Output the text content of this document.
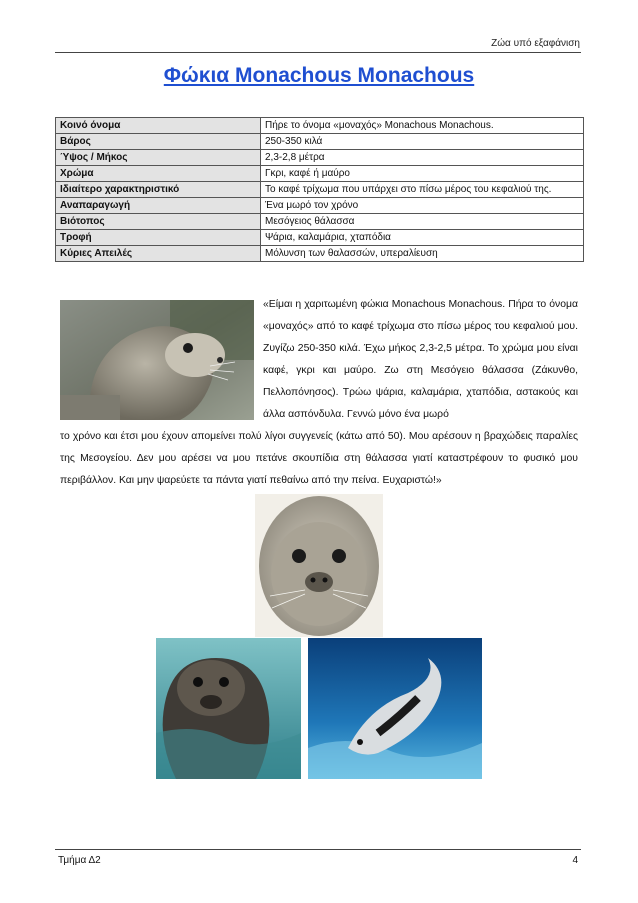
Ζώα υπό εξαφάνιση
Φώκια Monachous Monachous
Κοινό όνομα	Πήρε το όνομα «μοναχός» Monachous Monachous.
Βάρος	250-350 κιλά
Ύψος / Μήκος	2,3-2,8 μέτρα
Χρώμα	Γκρι, καφέ ή μαύρο
Ιδιαίτερο χαρακτηριστικό	Το καφέ τρίχωμα που υπάρχει στο πίσω μέρος του κεφαλιού της.
Αναπαραγωγή	Ένα μωρό τον χρόνο
Βιότοπος	Μεσόγειος θάλασσα
Τροφή	Ψάρια, καλαμάρια, χταπόδια
Κύριες Απειλές	Μόλυνση των θαλασσών, υπεραλίευση
«Είμαι η χαριτωμένη φώκια Monachous Monachous. Πήρα το όνομα «μοναχός» από το καφέ τρίχωμα στο πίσω μέρος του κεφαλιού μου. Ζυγίζω 250-350 κιλά. Έχω μήκος 2,3-2,5 μέτρα. Το χρώμα μου είναι καφέ, γκρι και μαύρο. Ζω στη Μεσόγειο θάλασσα (Ζάκυνθο, Πελλοπόνησος). Τρώω ψάρια, καλαμάρια, χταπόδια, αστακούς και άλλα ασπόνδυλα. Γεννώ μόνο ένα μωρό
το χρόνο και έτσι μου έχουν απομείνει πολύ λίγοι συγγενείς (κάτω από 50). Μου αρέσουν η βραχώδεις παραλίες της Μεσογείου. Δεν μου αρέσει να μου πετάνε σκουπίδια στη θάλασσα γιατί καταστρέφουν το φυσικό μου περιβάλλον. Και μην ψαρεύετε τα πάντα γιατί πεθαίνω από την πείνα. Ευχαριστώ!»
Τμήμα Δ2	4
